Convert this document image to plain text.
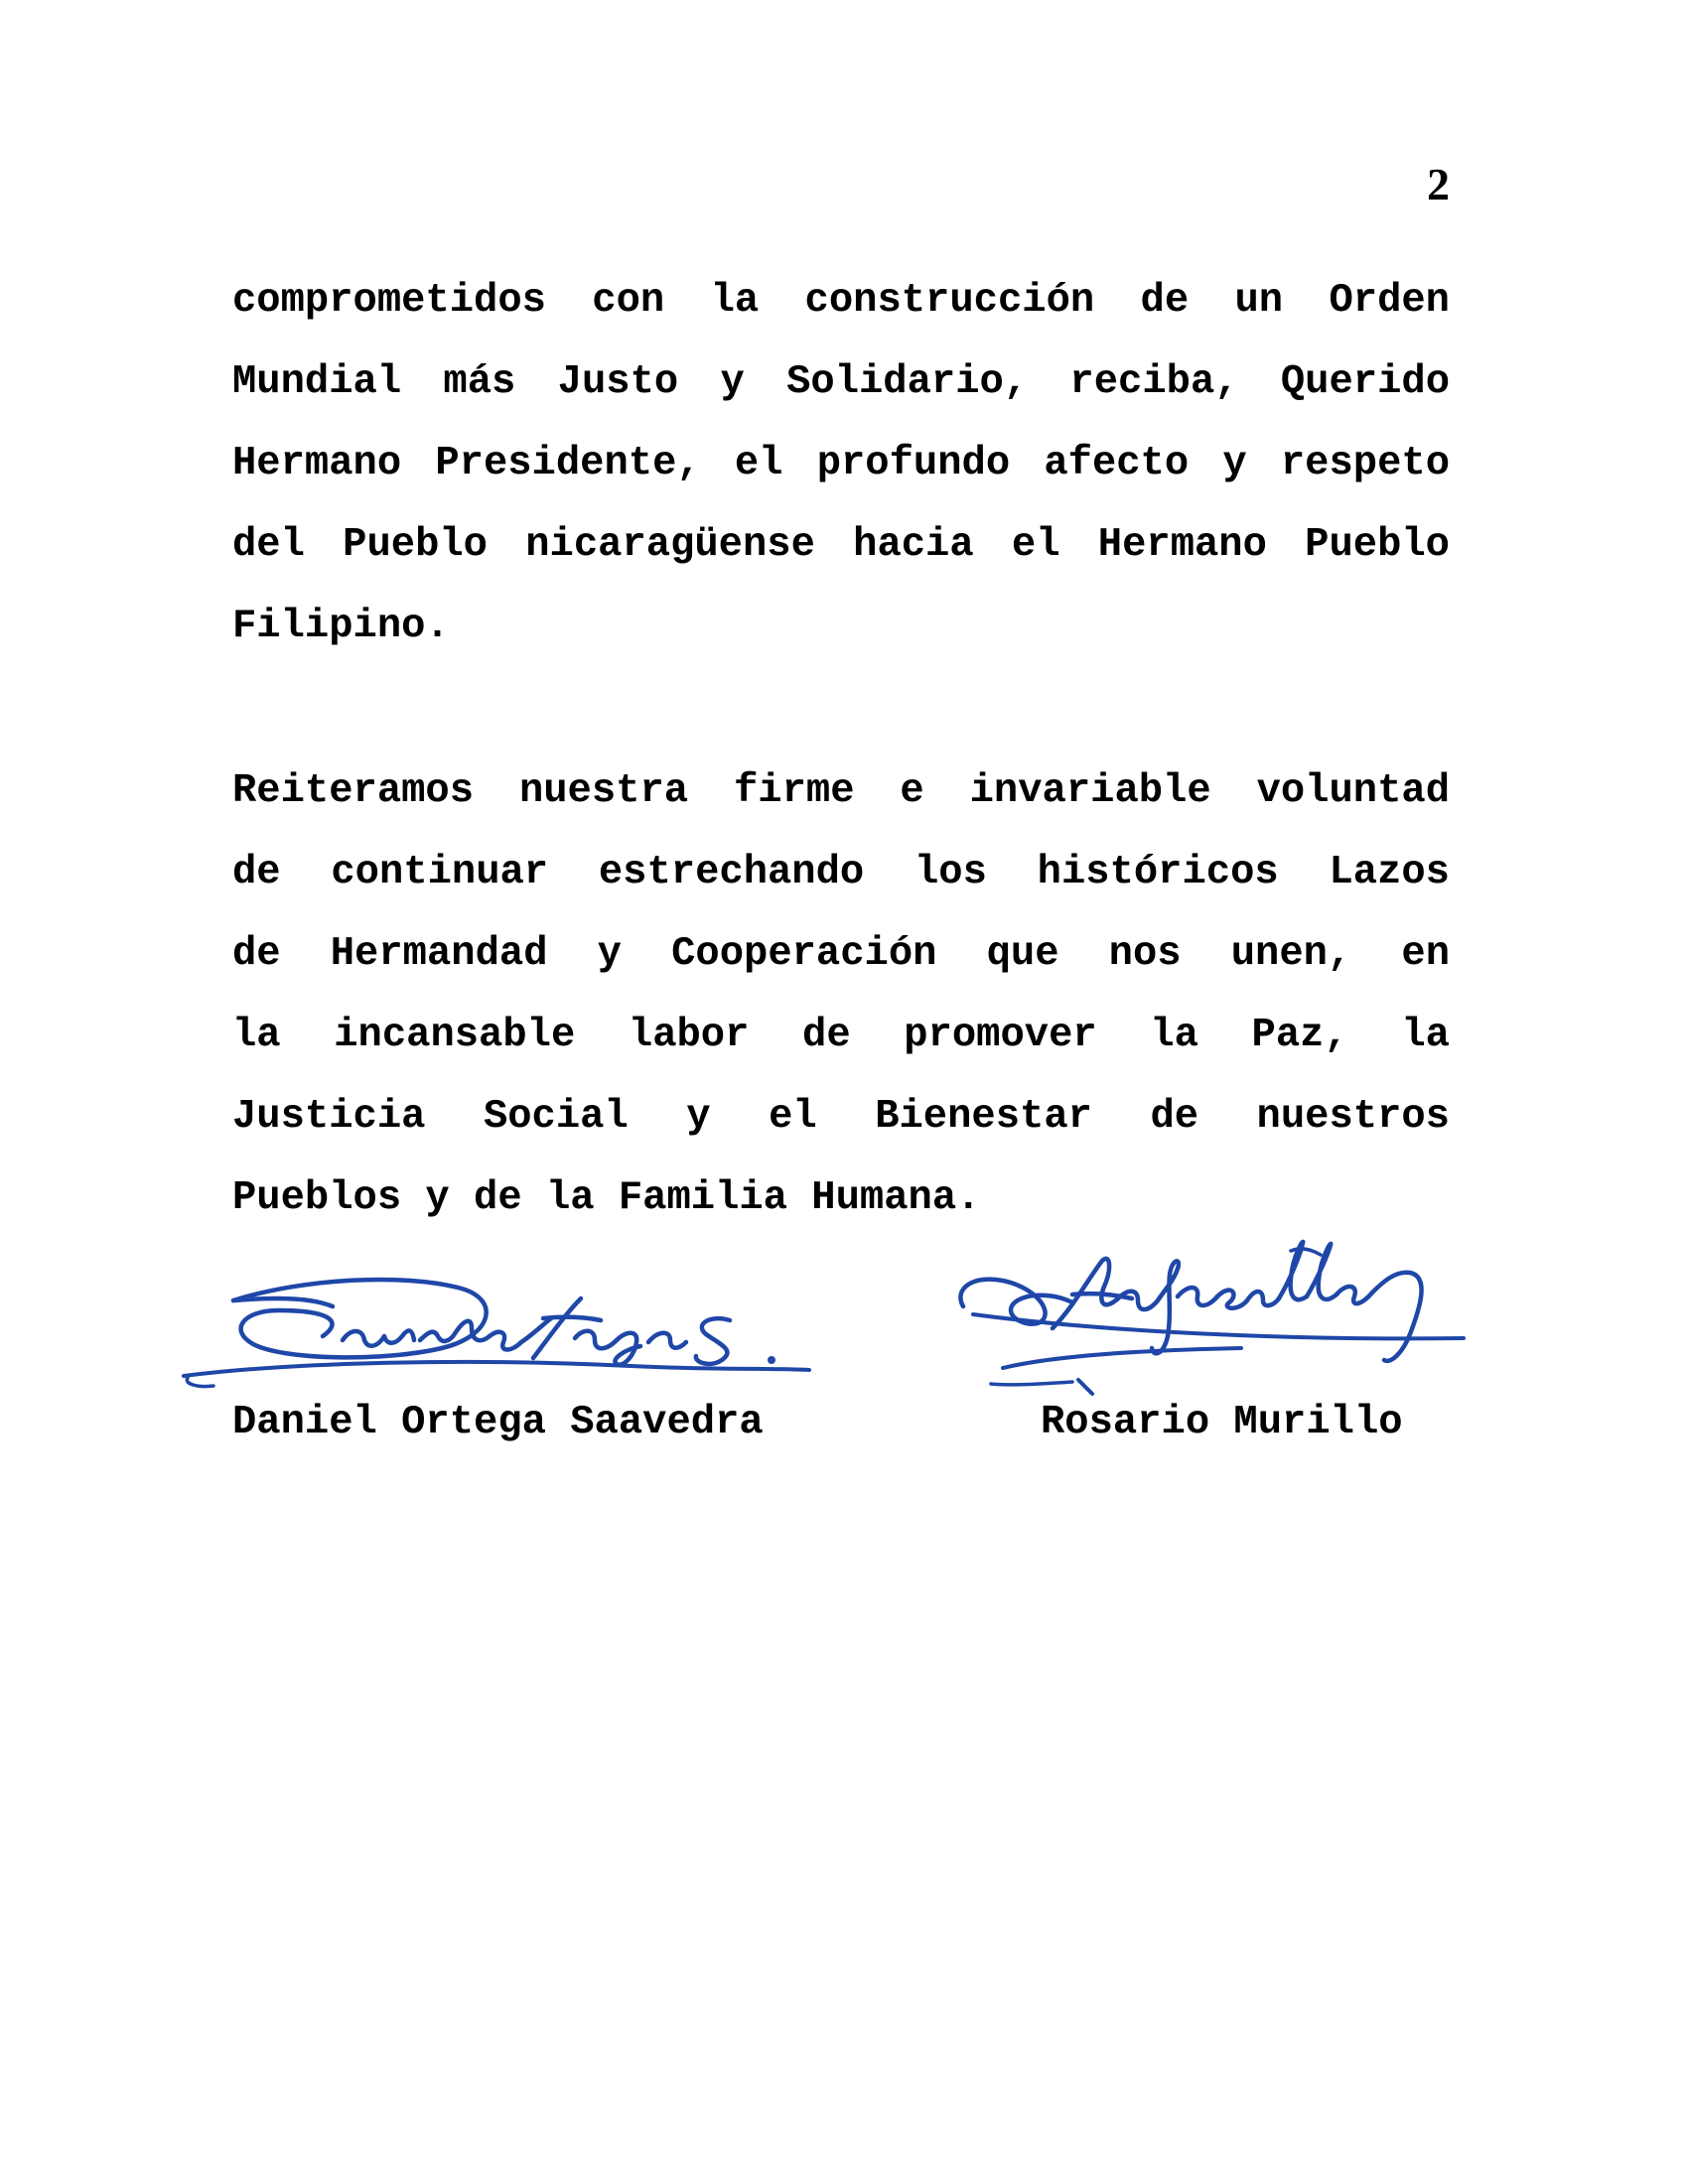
2
comprometidos con la construcción de un Orden
Mundial más Justo y Solidario, reciba, Querido
Hermano Presidente, el profundo afecto y respeto
del Pueblo nicaragüense hacia el Hermano Pueblo
Filipino.
Reiteramos nuestra firme e invariable voluntad
de continuar estrechando los históricos Lazos
de Hermandad y Cooperación que nos unen, en
la incansable labor de promover la Paz, la
Justicia Social y el Bienestar de nuestros
Pueblos y de la Familia Humana.
Daniel Ortega Saavedra	Rosario Murillo
